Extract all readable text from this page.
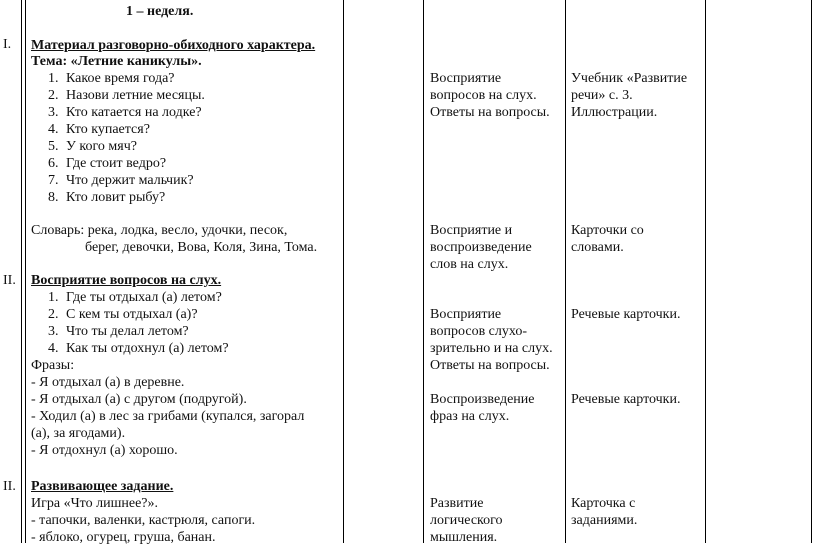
1 – неделя.
I.
II.
II.
Материал разговорно-обиходного характера.
Тема: «Летние каникулы».
1. Какое время года?
2. Назови летние месяцы.
3. Кто катается на лодке?
4. Кто купается?
5. У кого мяч?
6. Где стоит ведро?
7. Что держит мальчик?
8. Кто ловит рыбу?
Словарь: река, лодка, весло, удочки, песок,
берег, девочки, Вова, Коля, Зина, Тома.
Восприятие
вопросов на слух.
Ответы на вопросы.
Учебник «Развитие
речи» с. 3.
Иллюстрации.
Восприятие и
воспроизведение
слов на слух.
Карточки со
словами.
Восприятие вопросов на слух.
1. Где ты отдыхал (а) летом?
2. С кем ты отдыхал (а)?
3. Что ты делал летом?
4. Как ты отдохнул (а) летом?
Фразы:
- Я отдыхал (а) в деревне.
- Я отдыхал (а) с другом (подругой).
- Ходил (а) в лес за грибами (купался, загорал
(а), за ягодами).
- Я отдохнул (а) хорошо.
Восприятие
вопросов слухо-
зрительно и на слух.
Ответы на вопросы.
Речевые карточки.
Воспроизведение
фраз на слух.
Речевые карточки.
Развивающее задание.
Игра «Что лишнее?».
- тапочки, валенки, кастрюля, сапоги.
- яблоко, огурец, груша, банан.
Развитие
логического
мышления.
Карточка с
заданиями.
